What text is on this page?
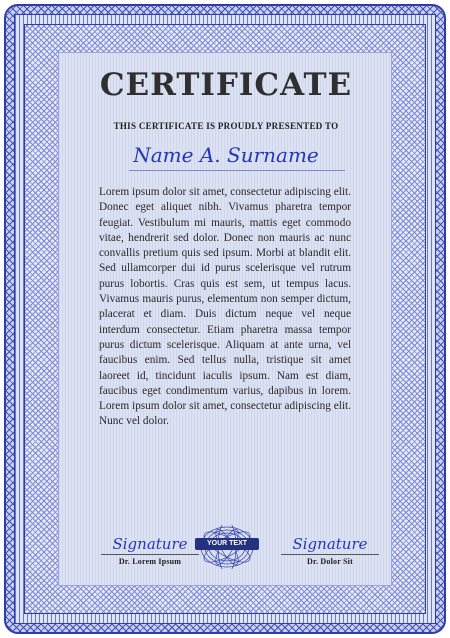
CERTIFICATE
THIS CERTIFICATE IS PROUDLY PRESENTED TO
Name A. Surname
Lorem ipsum dolor sit amet, consectetur adipiscing elit. Donec eget aliquet nibh. Vivamus pharetra tempor feugiat. Vestibulum mi mauris, mattis eget commodo vitae, hendrerit sed dolor. Donec non mauris ac nunc convallis pretium quis sed ipsum. Morbi at blandit elit. Sed ullamcorper dui id purus scelerisque vel rutrum purus lobortis. Cras quis est sem, ut tempus lacus. Vivamus mauris purus, elementum non semper dictum, placerat et diam. Duis dictum neque vel neque interdum consectetur. Etiam pharetra massa tempor purus dictum scelerisque. Aliquam at ante urna, vel faucibus enim. Sed tellus nulla, tristique sit amet laoreet id, tincidunt iaculis ipsum. Nam est diam, faucibus eget condimentum varius, dapibus in lorem. Lorem ipsum dolor sit amet, consectetur adipiscing elit. Nunc vel dolor.
Signature
Dr. Lorem Ipsum
YOUR TEXT	Signature
Dr. Dolor Sit
